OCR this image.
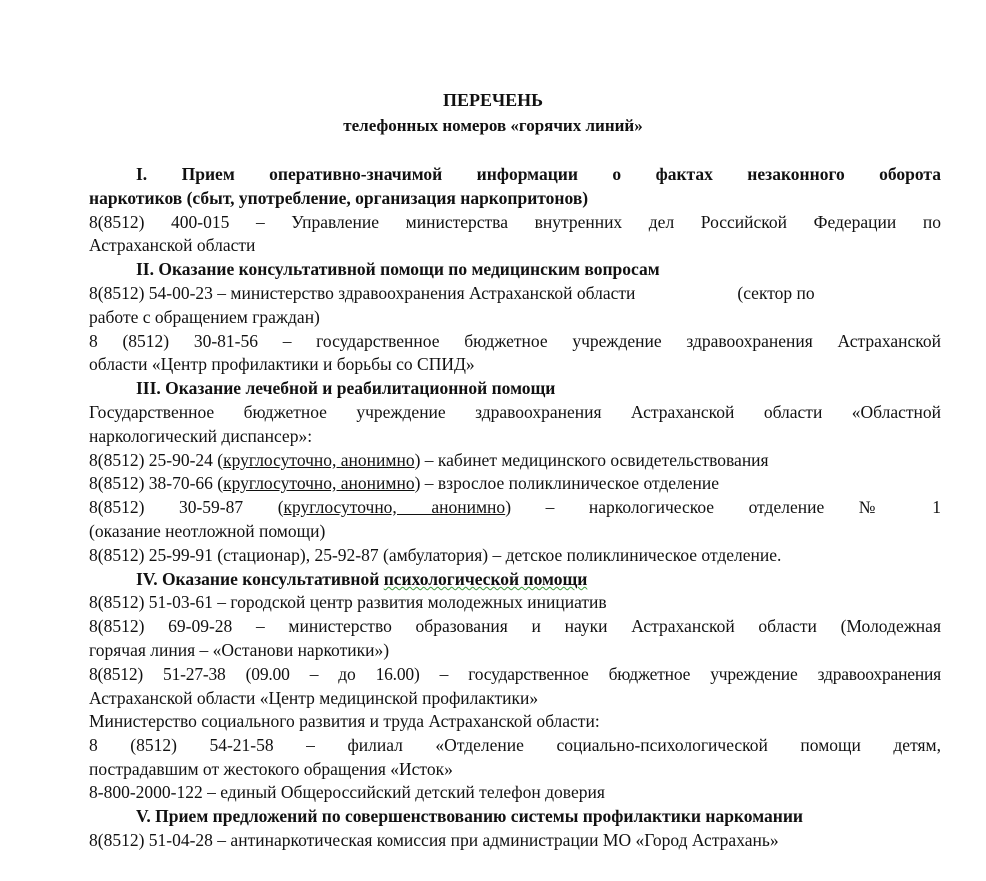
ПЕРЕЧЕНЬ
телефонных номеров «горячих линий»
I. Прием оперативно-значимой информации о фактах незаконного оборота
наркотиков (сбыт, употребление, организация наркопритонов)
8(8512) 400-015 – Управление министерства внутренних дел Российской Федерации по
Астраханской области
II. Оказание консультативной помощи по медицинским вопросам
8(8512) 54-00-23 – министерство здравоохранения Астраханской области	(сектор по
работе с обращением граждан)
8 (8512) 30-81-56 – государственное бюджетное учреждение здравоохранения Астраханской
области «Центр профилактики и борьбы со СПИД»
III. Оказание лечебной и реабилитационной помощи
Государственное бюджетное учреждение здравоохранения Астраханской области «Областной
наркологический диспансер»:
8(8512) 25-90-24 (круглосуточно, анонимно) – кабинет медицинского освидетельствования
8(8512) 38-70-66 (круглосуточно, анонимно) – взрослое поликлиническое отделение
8(8512) 30-59-87 (круглосуточно, анонимно) – наркологическое отделение № 1
(оказание неотложной помощи)
8(8512) 25-99-91 (стационар), 25-92-87 (амбулатория) – детское поликлиническое отделение.
IV. Оказание консультативной психологической помощи
8(8512) 51-03-61 – городской центр развития молодежных инициатив
8(8512) 69-09-28 – министерство образования и науки Астраханской области (Молодежная
горячая линия – «Останови наркотики»)
8(8512) 51-27-38 (09.00 – до 16.00) – государственное бюджетное учреждение здравоохранения
Астраханской области «Центр медицинской профилактики»
Министерство социального развития и труда Астраханской области:
8 (8512) 54-21-58 – филиал «Отделение социально-психологической помощи детям,
пострадавшим от жестокого обращения «Исток»
8-800-2000-122 – единый Общероссийский детский телефон доверия
V. Прием предложений по совершенствованию системы профилактики наркомании
8(8512) 51-04-28 – антинаркотическая комиссия при администрации МО «Город Астрахань»
